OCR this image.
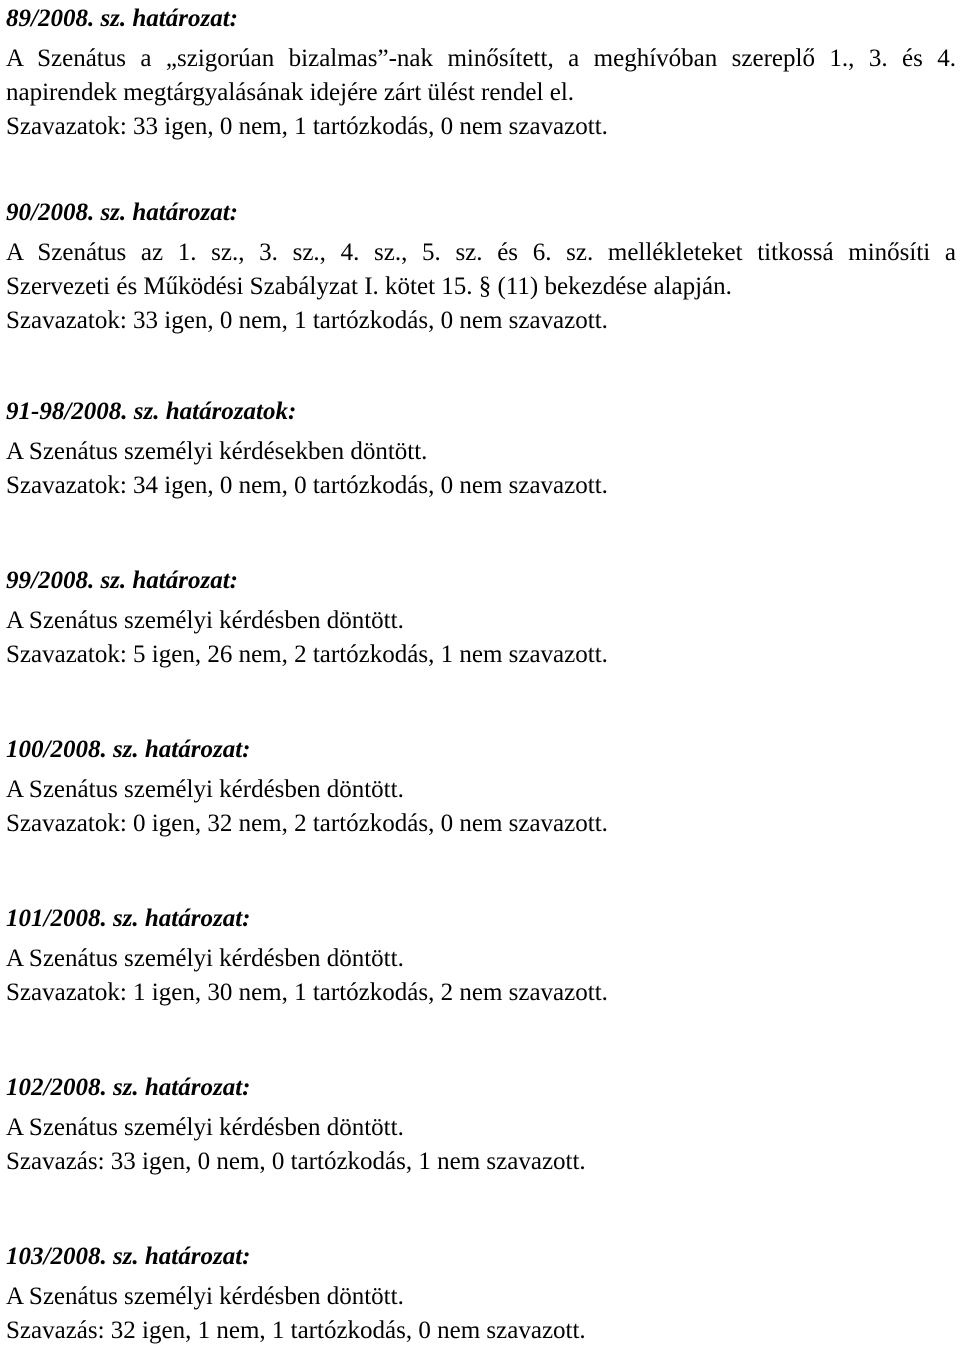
89/2008. sz. határozat:
A Szenátus a „szigorúan bizalmas”-nak minősített, a meghívóban szereplő 1., 3. és 4.
napirendek megtárgyalásának idejére zárt ülést rendel el.
Szavazatok: 33 igen, 0 nem, 1 tartózkodás, 0 nem szavazott.
90/2008. sz. határozat:
A Szenátus az 1. sz., 3. sz., 4. sz., 5. sz. és 6. sz. mellékleteket titkossá minősíti a
Szervezeti és Működési Szabályzat I. kötet 15. § (11) bekezdése alapján.
Szavazatok: 33 igen, 0 nem, 1 tartózkodás, 0 nem szavazott.
91-98/2008. sz. határozatok:
A Szenátus személyi kérdésekben döntött.
Szavazatok: 34 igen, 0 nem, 0 tartózkodás, 0 nem szavazott.
99/2008. sz. határozat:
A Szenátus személyi kérdésben döntött.
Szavazatok: 5 igen, 26 nem, 2 tartózkodás, 1 nem szavazott.
100/2008. sz. határozat:
A Szenátus személyi kérdésben döntött.
Szavazatok: 0 igen, 32 nem, 2 tartózkodás, 0 nem szavazott.
101/2008. sz. határozat:
A Szenátus személyi kérdésben döntött.
Szavazatok: 1 igen, 30 nem, 1 tartózkodás, 2 nem szavazott.
102/2008. sz. határozat:
A Szenátus személyi kérdésben döntött.
Szavazás: 33 igen, 0 nem, 0 tartózkodás, 1 nem szavazott.
103/2008. sz. határozat:
A Szenátus személyi kérdésben döntött.
Szavazás: 32 igen, 1 nem, 1 tartózkodás, 0 nem szavazott.
